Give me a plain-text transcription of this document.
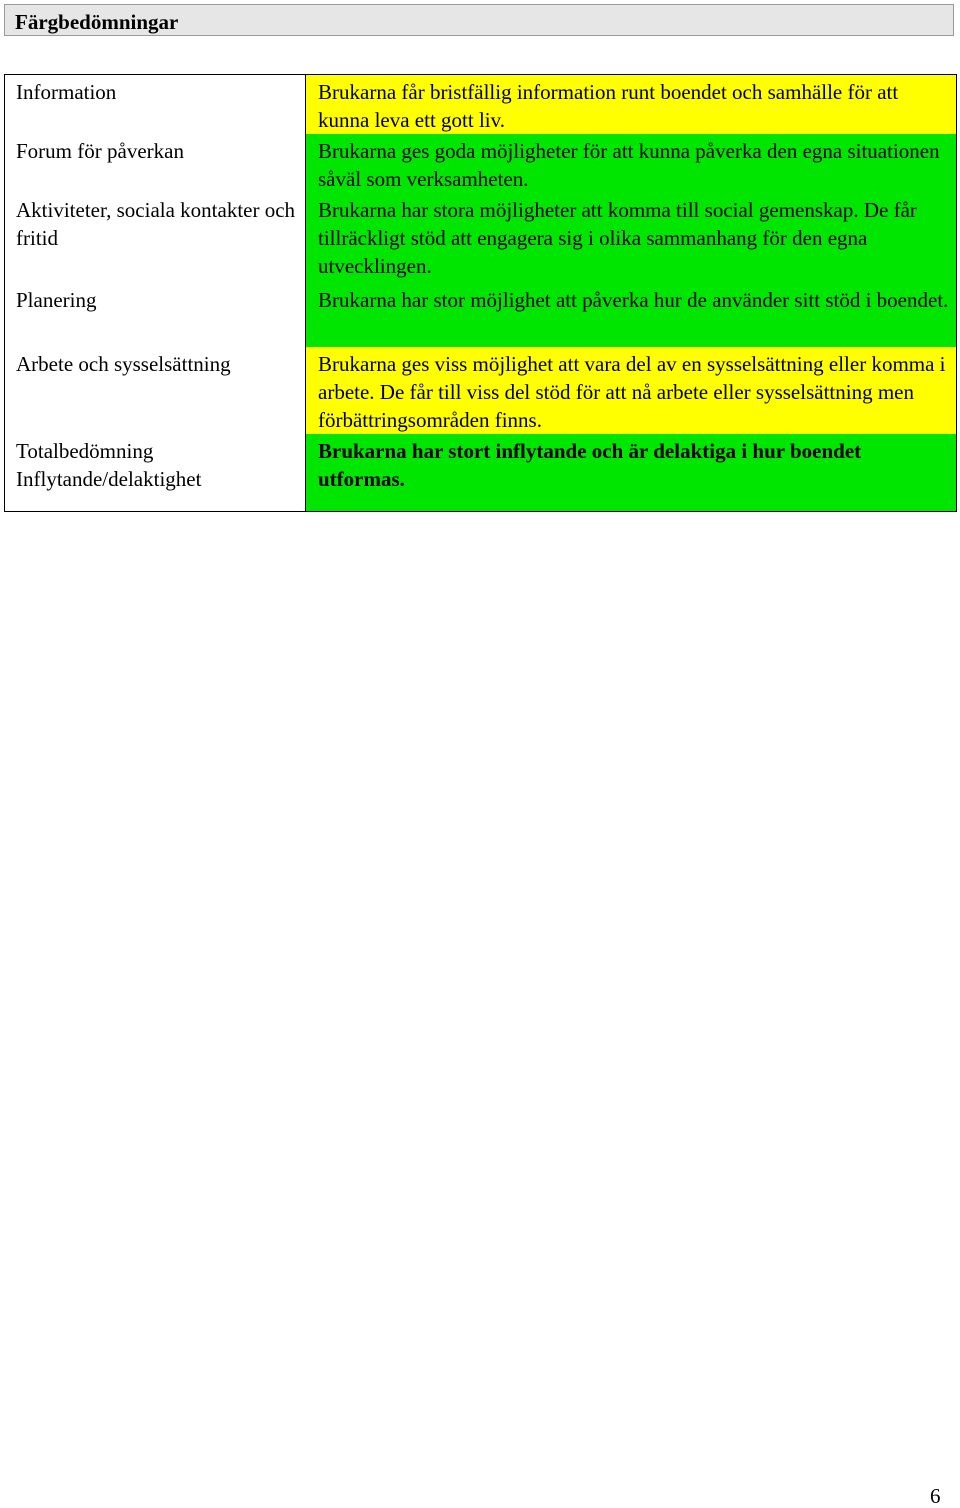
Färgbedömningar
Information	Brukarna får bristfällig information runt boendet och samhälle för att kunna leva ett gott liv.
Forum för påverkan	Brukarna ges goda möjligheter för att kunna påverka den egna situationen såväl som verksamheten.
Aktiviteter, sociala kontakter och fritid	Brukarna har stora möjligheter att komma till social gemenskap. De får tillräckligt stöd att engagera sig i olika sammanhang för den egna utvecklingen.
Planering	Brukarna har stor möjlighet att påverka hur de använder sitt stöd i boendet.
Arbete och sysselsättning	Brukarna ges viss möjlighet att vara del av en sysselsättning eller komma i arbete. De får till viss del stöd för att nå arbete eller sysselsättning men förbättringsområden finns.

Totalbedömning
Inflytande/delaktighet	Brukarna har stort inflytande och är delaktiga i hur boendet utformas.
6
